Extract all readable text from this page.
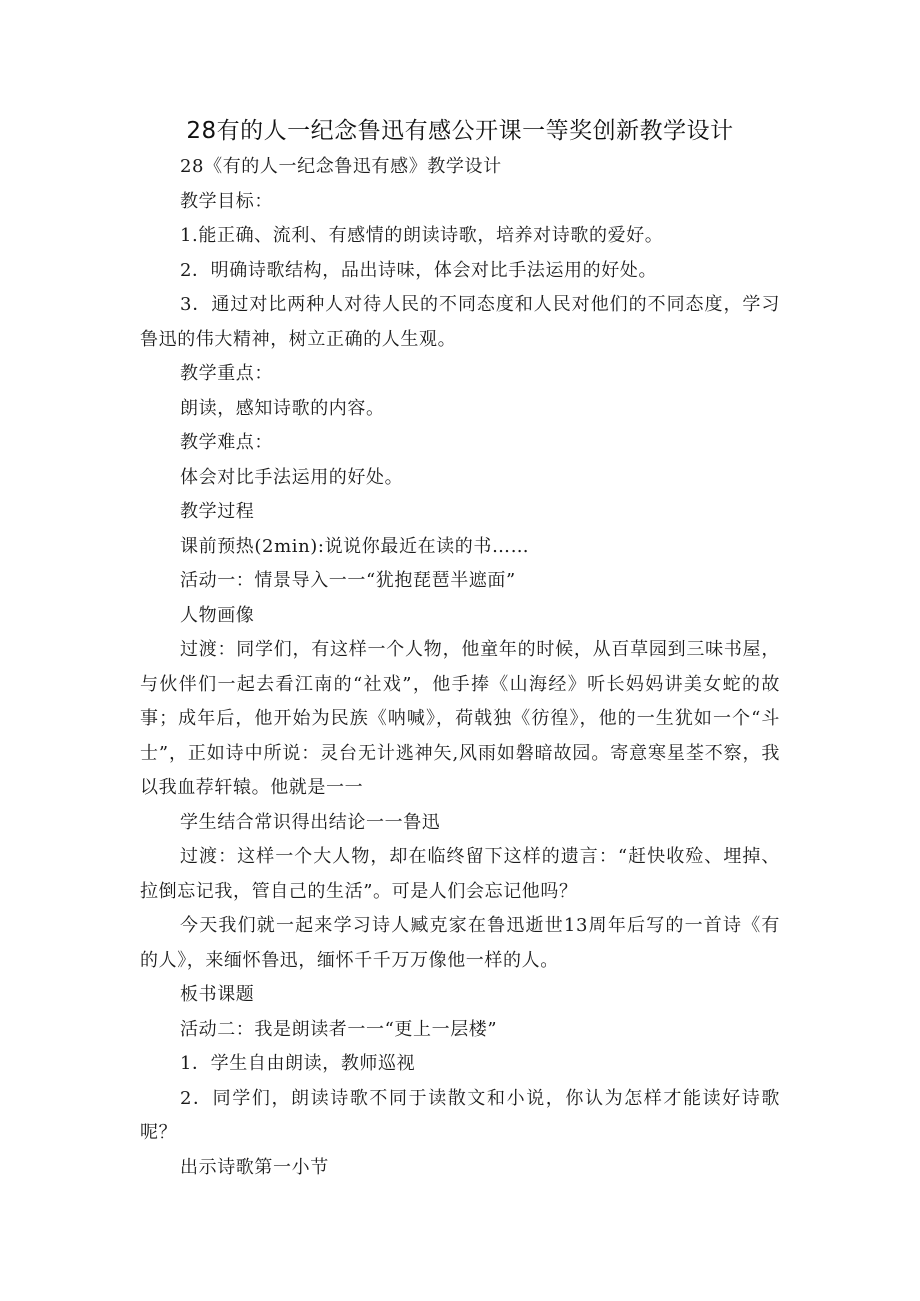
28有的人一纪念鲁迅有感公开课一等奖创新教学设计

28《有的人一纪念鲁迅有感》教学设计

教学目标：

1.能正确、流利、有感情的朗读诗歌，培养对诗歌的爱好。

2．明确诗歌结构，品出诗味，体会对比手法运用的好处。

3．通过对比两种人对待人民的不同态度和人民对他们的不同态度，学习鲁迅的伟大精神，树立正确的人生观。

教学重点：

朗读，感知诗歌的内容。

教学难点：

体会对比手法运用的好处。

教学过程

课前预热(2min):说说你最近在读的书……

活动一：情景导入一一“犹抱琵琶半遮面”

人物画像

过渡：同学们，有这样一个人物，他童年的时候，从百草园到三味书屋，与伙伴们一起去看江南的“社戏”，他手捧《山海经》听长妈妈讲美女蛇的故事；成年后，他开始为民族《呐喊》，荷戟独《彷徨》，他的一生犹如一个“斗士”，正如诗中所说：灵台无计逃神矢,风雨如磐暗故园。寄意寒星荃不察，我以我血荐轩辕。他就是一一

学生结合常识得出结论一一鲁迅

过渡：这样一个大人物，却在临终留下这样的遗言：“赶快收殓、埋掉、拉倒忘记我，管自己的生活”。可是人们会忘记他吗？

今天我们就一起来学习诗人臧克家在鲁迅逝世13周年后写的一首诗《有的人》，来缅怀鲁迅，缅怀千千万万像他一样的人。

板书课题

活动二：我是朗读者一一“更上一层楼”

1．学生自由朗读，教师巡视

2．同学们，朗读诗歌不同于读散文和小说，你认为怎样才能读好诗歌呢？

出示诗歌第一小节
